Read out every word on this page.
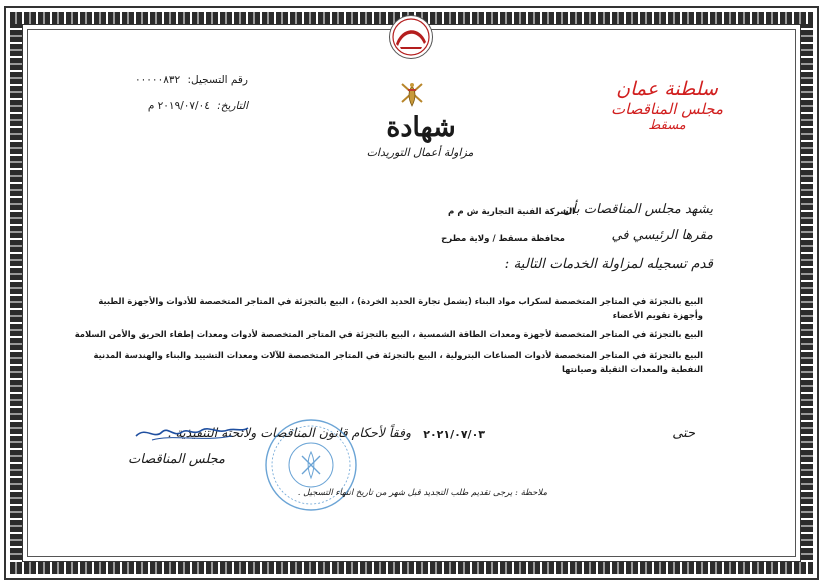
عمان
رقم التسجيل: ٠٠٠٠٠٨٣٢
التاريخ: ٢٠١٩/٠٧/٠٤ م
سلطنة عمان
مجلس المناقصات
مسقط
شهادة
مزاولة أعمال التوريدات
يشهد مجلس المناقصات بأن
الشركة الفنية التجارية ش م م
مقرها الرئيسي في
محافظة مسقط / ولاية مطرح
قدم تسجيله لمزاولة الخدمات التالية :
البيع بالتجزئة في المتاجر المتخصصة لسكراب مواد البناء (يشمل تجارة الحديد الخردة) ، البيع بالتجزئة في المتاجر المتخصصة للأدوات والأجهزة الطبية
وأجهزة تقويم الأعضاء
البيع بالتجزئة في المتاجر المتخصصة لأجهزة ومعدات الطاقة الشمسية ، البيع بالتجزئة في المتاجر المتخصصة لأدوات ومعدات إطفاء الحريق والأمن السلامة
البيع بالتجزئة في المتاجر المتخصصة لأدوات الصناعات البترولية ، البيع بالتجزئة في المتاجر المتخصصة للآلات ومعدات التشييد والبناء والهندسة المدنية
النفطية والمعدات الثقيلة وصيانتها
حتى
٢٠٢١/٠٧/٠٣
وفقاً لأحكام قانون المناقصات ولائحته التنفيذية .
مجلس المناقصات
ملاحظة : يرجى تقديم طلب التجديد قبل شهر من تاريخ انتهاء التسجيل .
